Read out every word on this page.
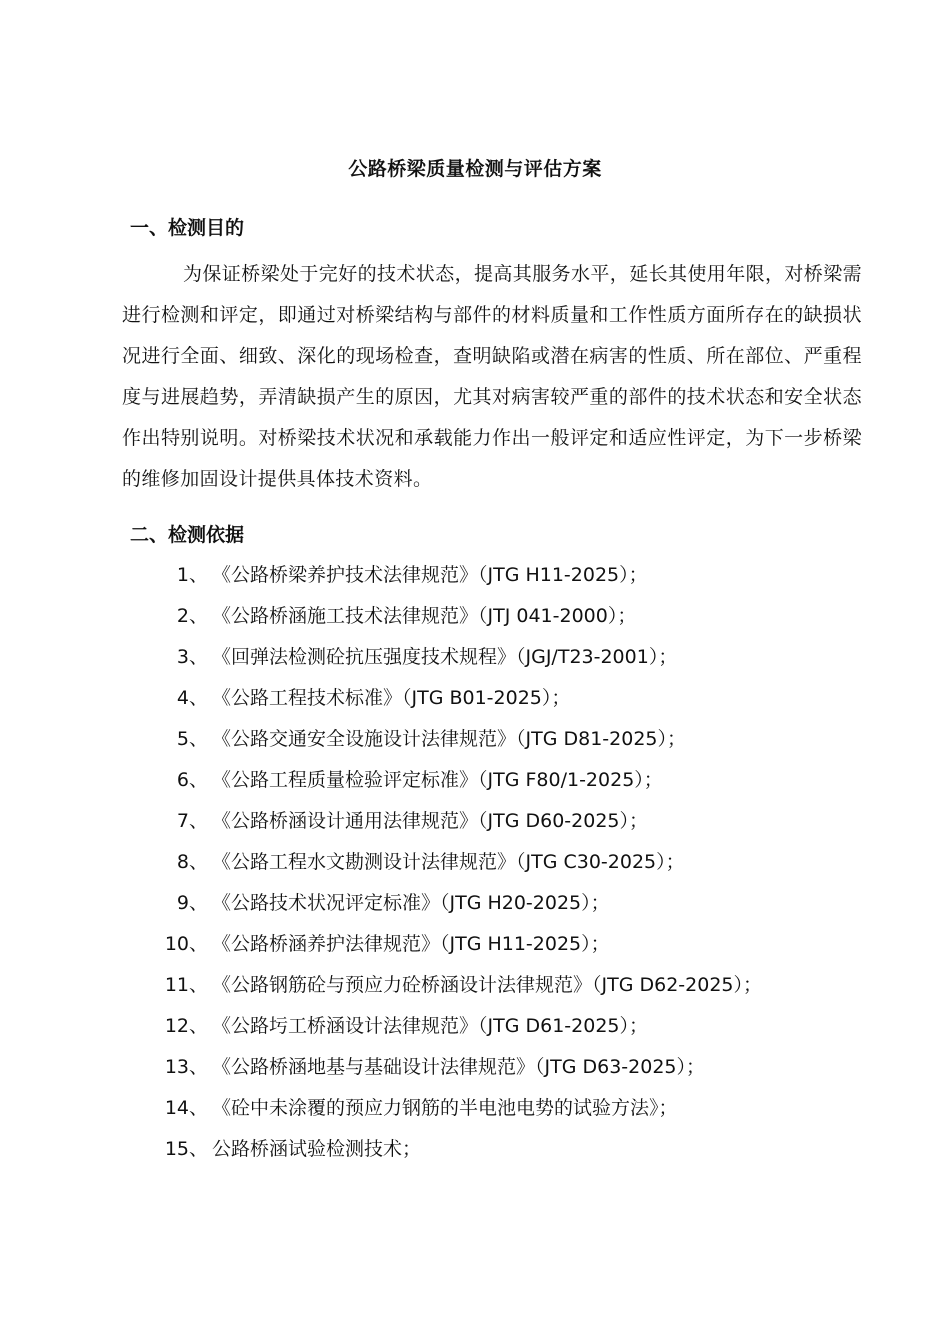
公路桥梁质量检测与评估方案
一、检测目的

为保证桥梁处于完好的技术状态，提高其服务水平，延长其使用年限，对桥梁需进行检测和评定，即通过对桥梁结构与部件的材料质量和工作性质方面所存在的缺损状况进行全面、细致、深化的现场检查，查明缺陷或潜在病害的性质、所在部位、严重程度与进展趋势，弄清缺损产生的原因，尤其对病害较严重的部件的技术状态和安全状态作出特别说明。对桥梁技术状况和承载能力作出一般评定和适应性评定，为下一步桥梁的维修加固设计提供具体技术资料。

二、检测依据
1、 《公路桥梁养护技术法律规范》（JTG H11-2025）；
2、 《公路桥涵施工技术法律规范》（JTJ 041-2000）；
3、 《回弹法检测砼抗压强度技术规程》（JGJ/T23-2001）；
4、 《公路工程技术标准》（JTG B01-2025）；
5、 《公路交通安全设施设计法律规范》（JTG D81-2025）；
6、 《公路工程质量检验评定标准》（JTG F80/1-2025）；
7、 《公路桥涵设计通用法律规范》（JTG D60-2025）；
8、 《公路工程水文勘测设计法律规范》（JTG C30-2025）；
9、 《公路技术状况评定标准》（JTG H20-2025）；
10、 《公路桥涵养护法律规范》（JTG H11-2025）；
11、 《公路钢筋砼与预应力砼桥涵设计法律规范》（JTG D62-2025）；
12、 《公路圬工桥涵设计法律规范》（JTG D61-2025）；
13、 《公路桥涵地基与基础设计法律规范》（JTG D63-2025）；
14、 《砼中未涂覆的预应力钢筋的半电池电势的试验方法》；
15、 公路桥涵试验检测技术；
